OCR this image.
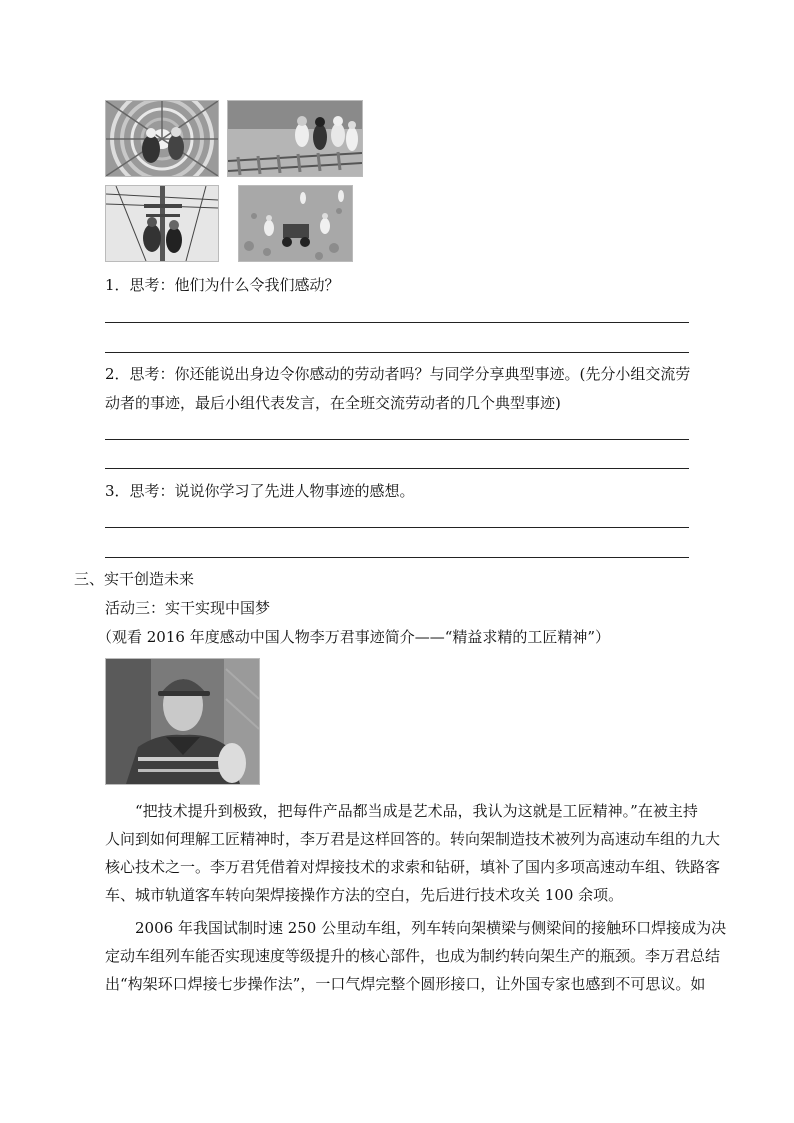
1．思考：他们为什么令我们感动？
2．思考：你还能说出身边令你感动的劳动者吗？与同学分享典型事迹。(先分小组交流劳
动者的事迹，最后小组代表发言，在全班交流劳动者的几个典型事迹)
3．思考：说说你学习了先进人物事迹的感想。
三、实干创造未来
活动三：实干实现中国梦
（观看 2016 年度感动中国人物李万君事迹简介——“精益求精的工匠精神”）
“把技术提升到极致，把每件产品都当成是艺术品，我认为这就是工匠精神。”在被主持
人问到如何理解工匠精神时，李万君是这样回答的。转向架制造技术被列为高速动车组的九大
核心技术之一。李万君凭借着对焊接技术的求索和钻研，填补了国内多项高速动车组、铁路客
车、城市轨道客车转向架焊接操作方法的空白，先后进行技术攻关 100 余项。
2006 年我国试制时速 250 公里动车组，列车转向架横梁与侧梁间的接触环口焊接成为决
定动车组列车能否实现速度等级提升的核心部件，也成为制约转向架生产的瓶颈。李万君总结
出“构架环口焊接七步操作法”，一口气焊完整个圆形接口，让外国专家也感到不可思议。如
